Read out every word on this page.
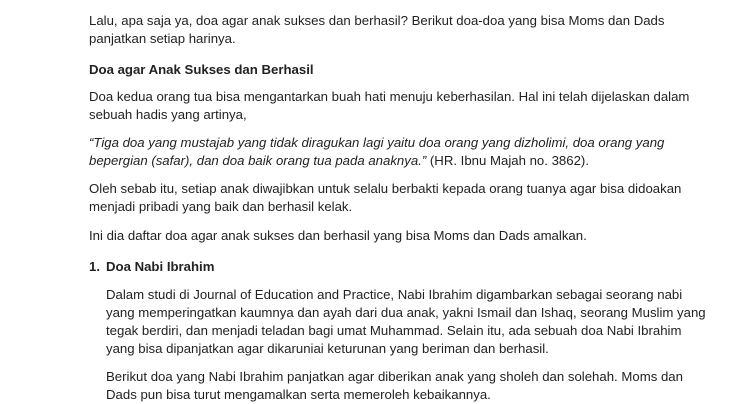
Lalu, apa saja ya, doa agar anak sukses dan berhasil? Berikut doa-doa yang bisa Moms dan Dads
panjatkan setiap harinya.
Doa agar Anak Sukses dan Berhasil
Doa kedua orang tua bisa mengantarkan buah hati menuju keberhasilan. Hal ini telah dijelaskan dalam
sebuah hadis yang artinya,
“Tiga doa yang mustajab yang tidak diragukan lagi yaitu doa orang yang dizholimi, doa orang yang
bepergian (safar), dan doa baik orang tua pada anaknya.” (HR. Ibnu Majah no. 3862).
Oleh sebab itu, setiap anak diwajibkan untuk selalu berbakti kepada orang tuanya agar bisa didoakan
menjadi pribadi yang baik dan berhasil kelak.
Ini dia daftar doa agar anak sukses dan berhasil yang bisa Moms dan Dads amalkan.
1. Doa Nabi Ibrahim
Dalam studi di Journal of Education and Practice, Nabi Ibrahim digambarkan sebagai seorang nabi
yang memperingatkan kaumnya dan ayah dari dua anak, yakni Ismail dan Ishaq, seorang Muslim yang
tegak berdiri, dan menjadi teladan bagi umat Muhammad. Selain itu, ada sebuah doa Nabi Ibrahim
yang bisa dipanjatkan agar dikaruniai keturunan yang beriman dan berhasil.
Berikut doa yang Nabi Ibrahim panjatkan agar diberikan anak yang sholeh dan solehah. Moms dan
Dads pun bisa turut mengamalkan serta memeroleh kebaikannya.
